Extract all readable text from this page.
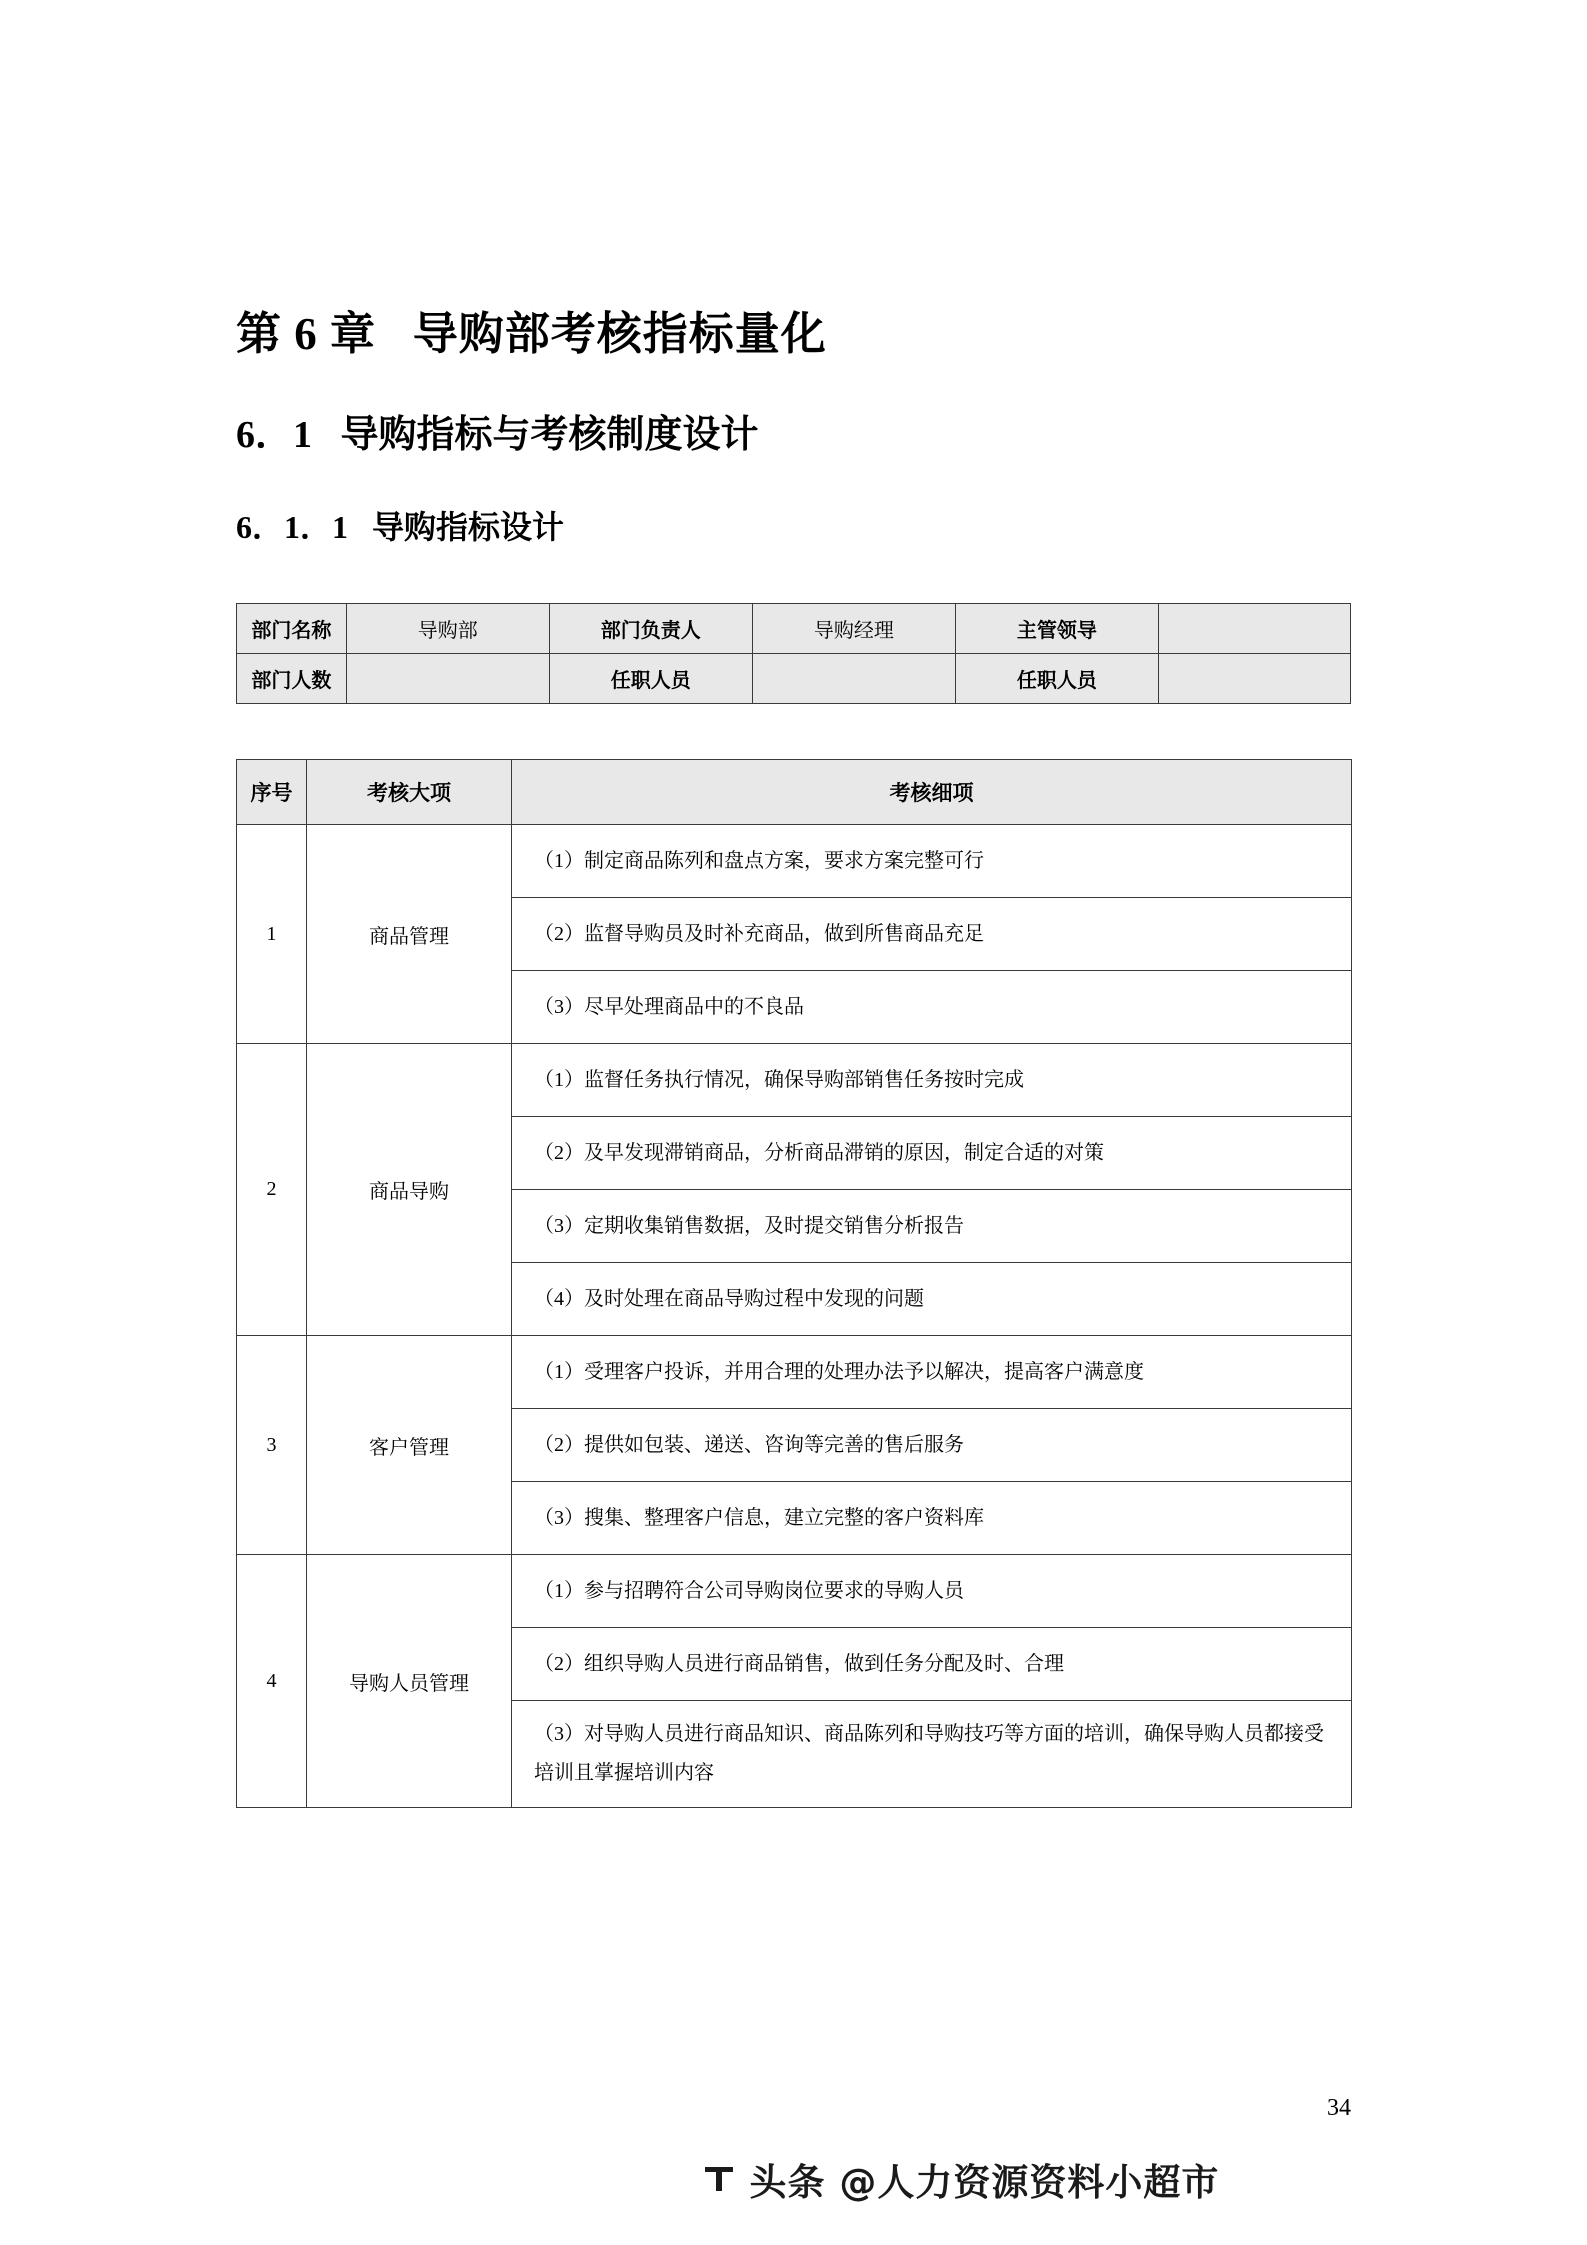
第 6 章   导购部考核指标量化
6．1   导购指标与考核制度设计
6．1．1   导购指标设计
部门名称	导购部	部门负责人	导购经理	主管领导	
部门人数		任职人员		任职人员	
序号	考核大项	考核细项
1	商品管理	（1）制定商品陈列和盘点方案，要求方案完整可行
		（2）监督导购员及时补充商品，做到所售商品充足
		（3）尽早处理商品中的不良品
2	商品导购	（1）监督任务执行情况，确保导购部销售任务按时完成
		（2）及早发现滞销商品，分析商品滞销的原因，制定合适的对策
		（3）定期收集销售数据，及时提交销售分析报告
		（4）及时处理在商品导购过程中发现的问题
3	客户管理	（1）受理客户投诉，并用合理的处理办法予以解决，提高客户满意度
		（2）提供如包装、递送、咨询等完善的售后服务
		（3）搜集、整理客户信息，建立完整的客户资料库
4	导购人员管理	（1）参与招聘符合公司导购岗位要求的导购人员
		（2）组织导购人员进行商品销售，做到任务分配及时、合理
		（3）对导购人员进行商品知识、商品陈列和导购技巧等方面的培训，确保导购人员都接受培训且掌握培训内容
34
头条 @人力资源资料小超市
